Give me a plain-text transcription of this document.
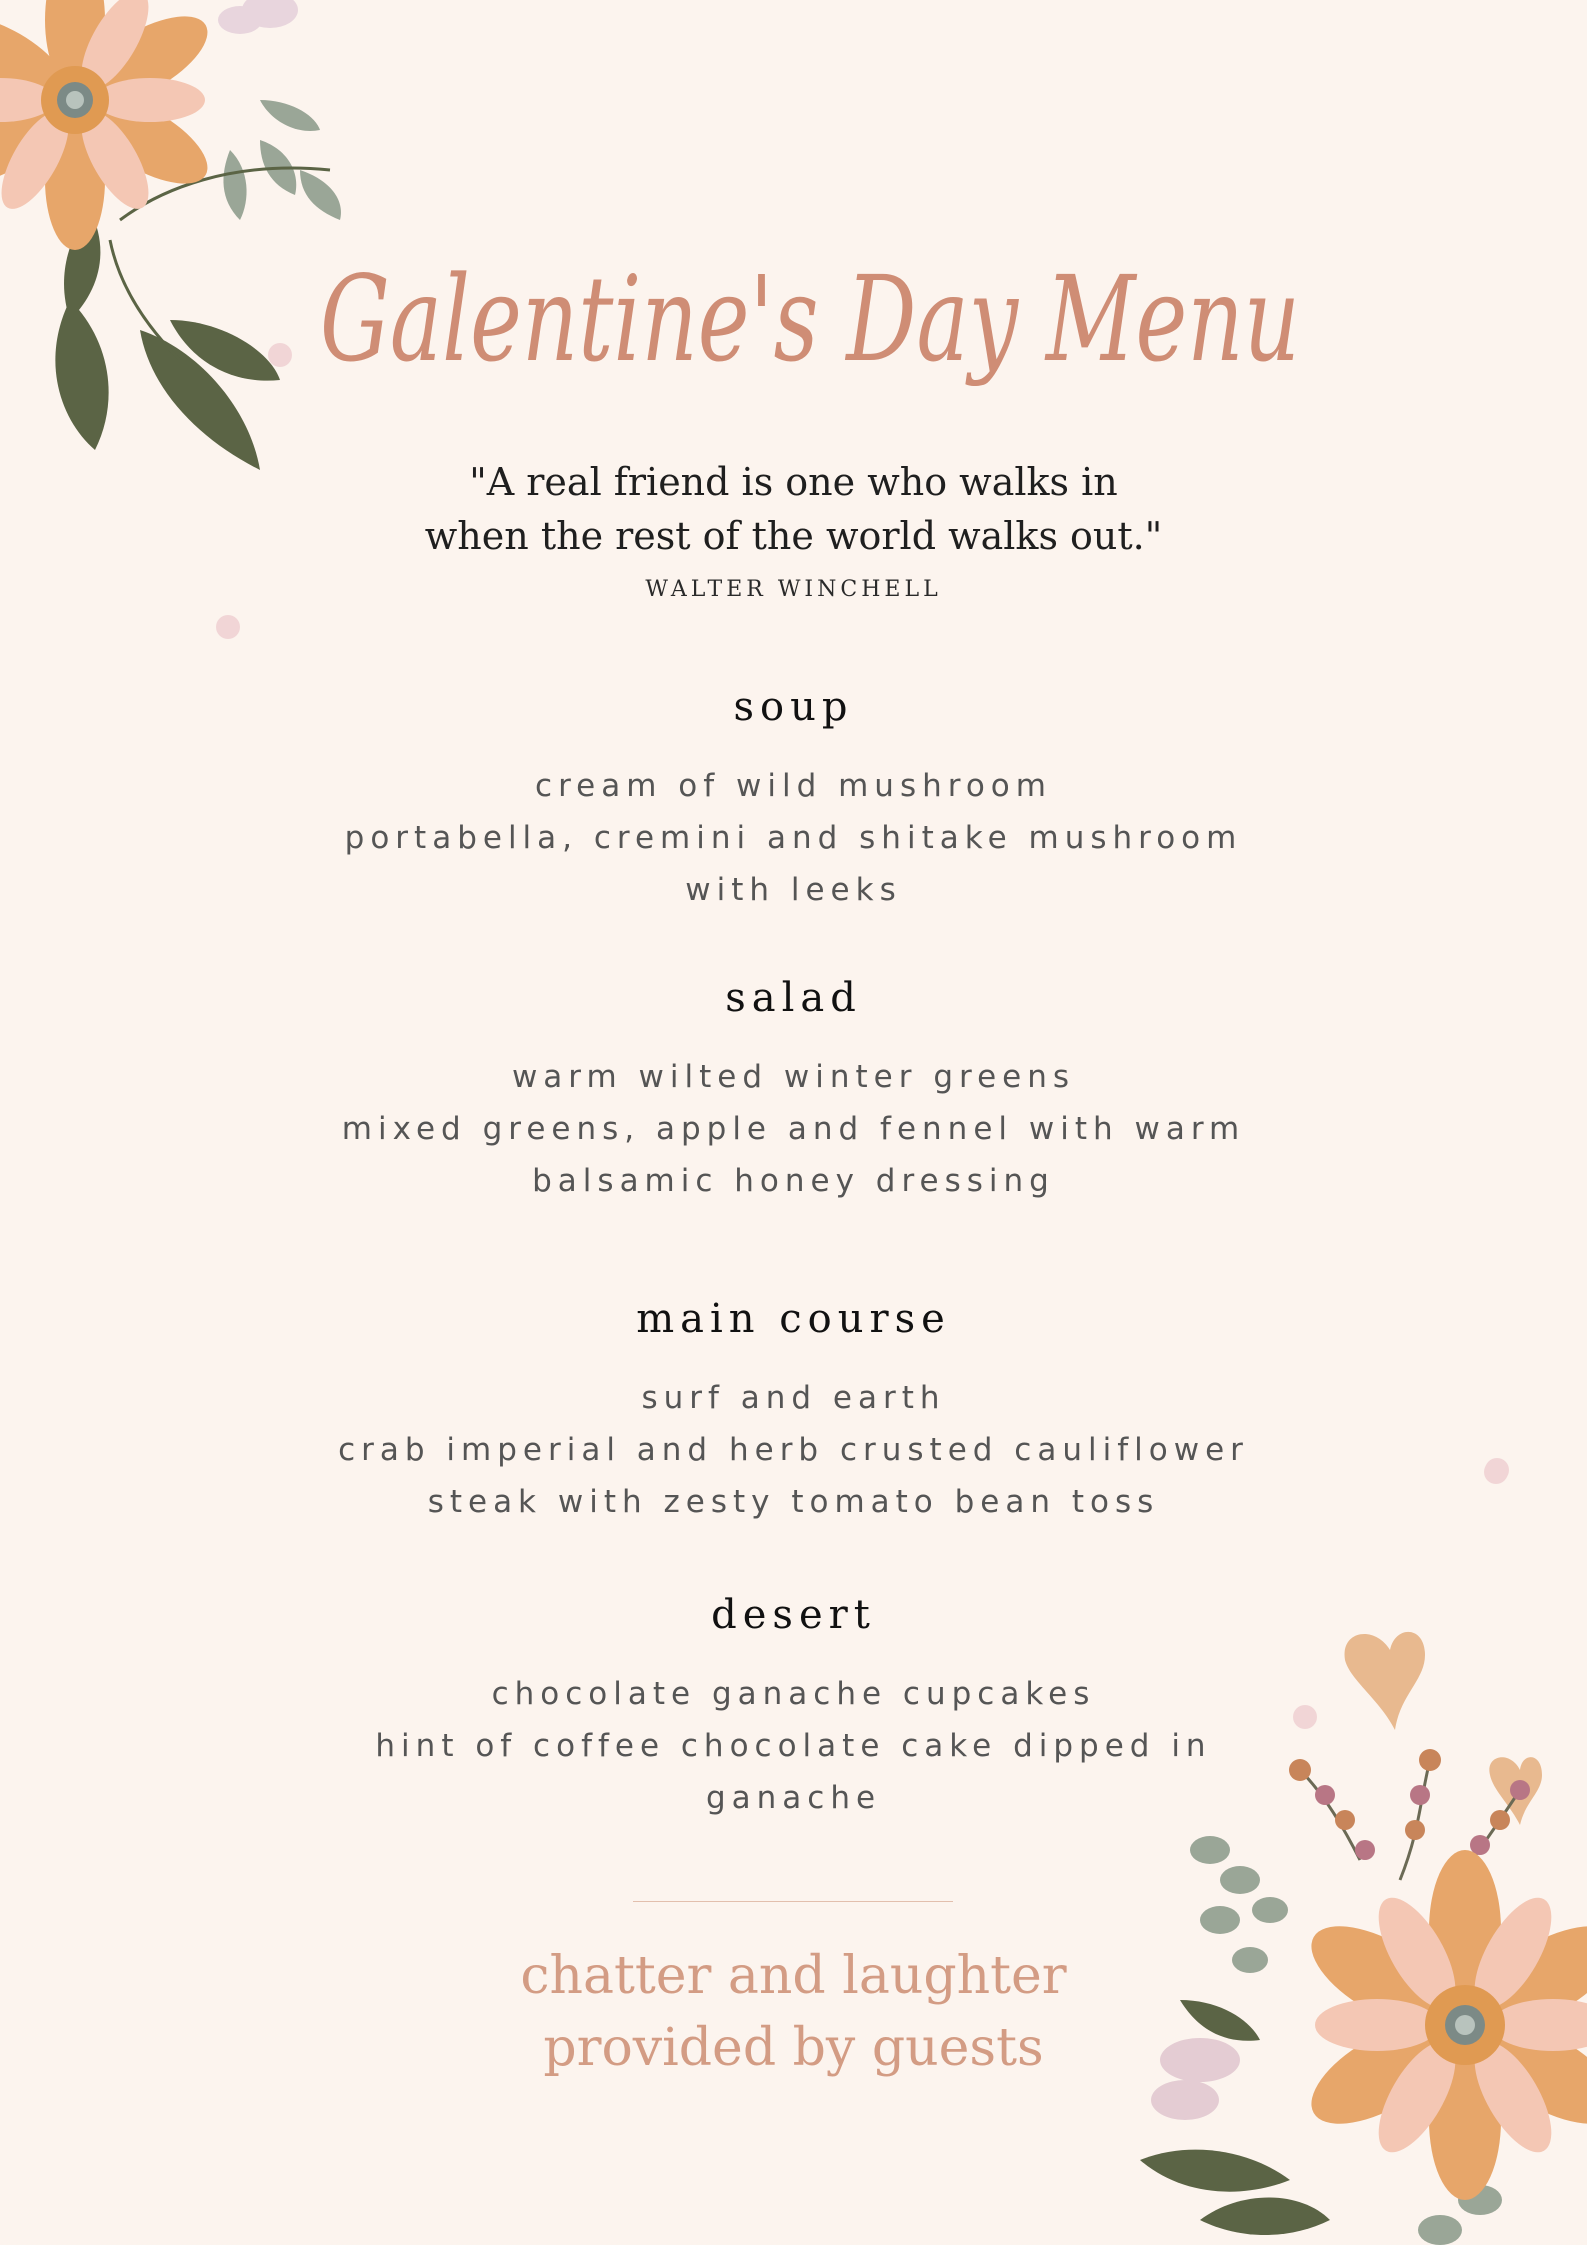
Galentine's Day Menu
"A real friend is one who walks in
when the rest of the world walks out."
WALTER WINCHELL
soup
cream of wild mushroom
portabella, cremini and shitake mushroom
with leeks
salad
warm wilted winter greens
mixed greens, apple and fennel with warm
balsamic honey dressing
main course
surf and earth
crab imperial and herb crusted cauliflower
steak with zesty tomato bean toss
desert
chocolate ganache cupcakes
hint of coffee chocolate cake dipped in
ganache
chatter and laughter
provided by guests
